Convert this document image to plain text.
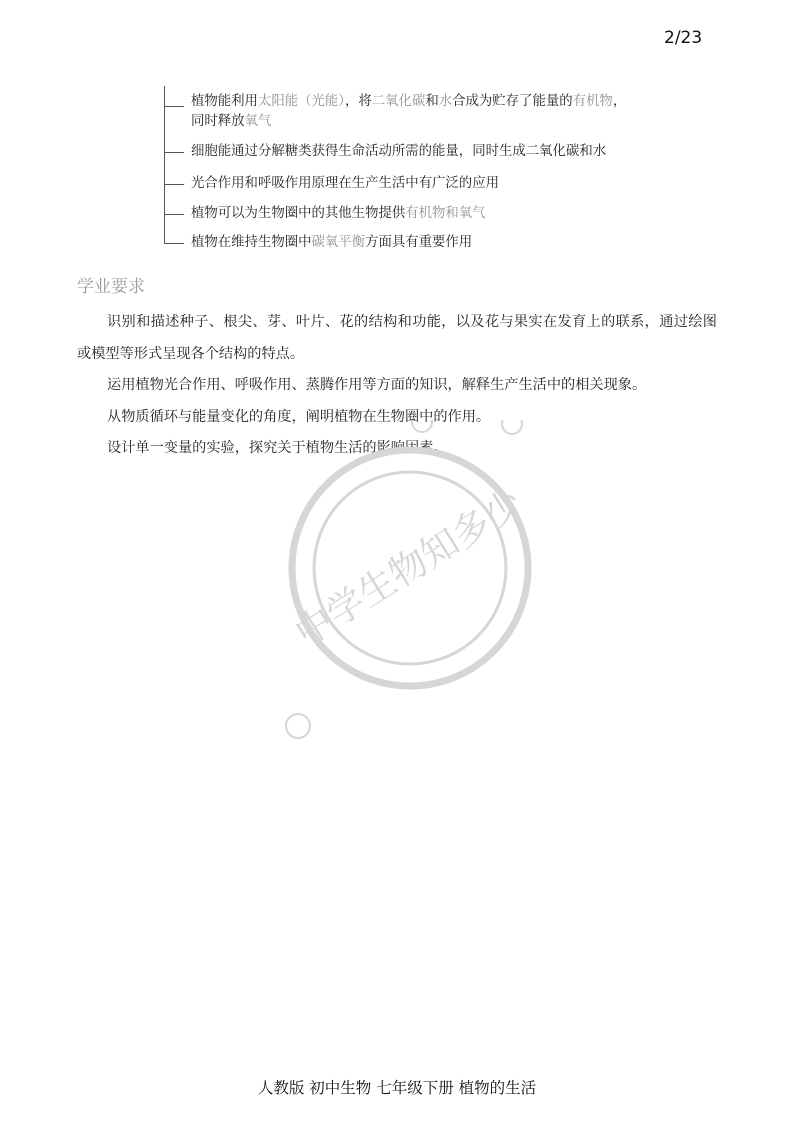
2/23
植物能利用太阳能（光能），将二氧化碳和水合成为贮存了能量的有机物，
同时释放氧气
细胞能通过分解糖类获得生命活动所需的能量，同时生成二氧化碳和水
光合作用和呼吸作用原理在生产生活中有广泛的应用
植物可以为生物圈中的其他生物提供有机物和氧气
植物在维持生物圈中碳氧平衡方面具有重要作用
学业要求

识别和描述种子、根尖、芽、叶片、花的结构和功能，以及花与果实在发育上的联系，通过绘图或模型等形式呈现各个结构的特点。

运用植物光合作用、呼吸作用、蒸腾作用等方面的知识，解释生产生活中的相关现象。

从物质循环与能量变化的角度，阐明植物在生物圈中的作用。

设计单一变量的实验，探究关于植物生活的影响因素。

中学生物知多少
人教版 初中生物 七年级下册 植物的生活
